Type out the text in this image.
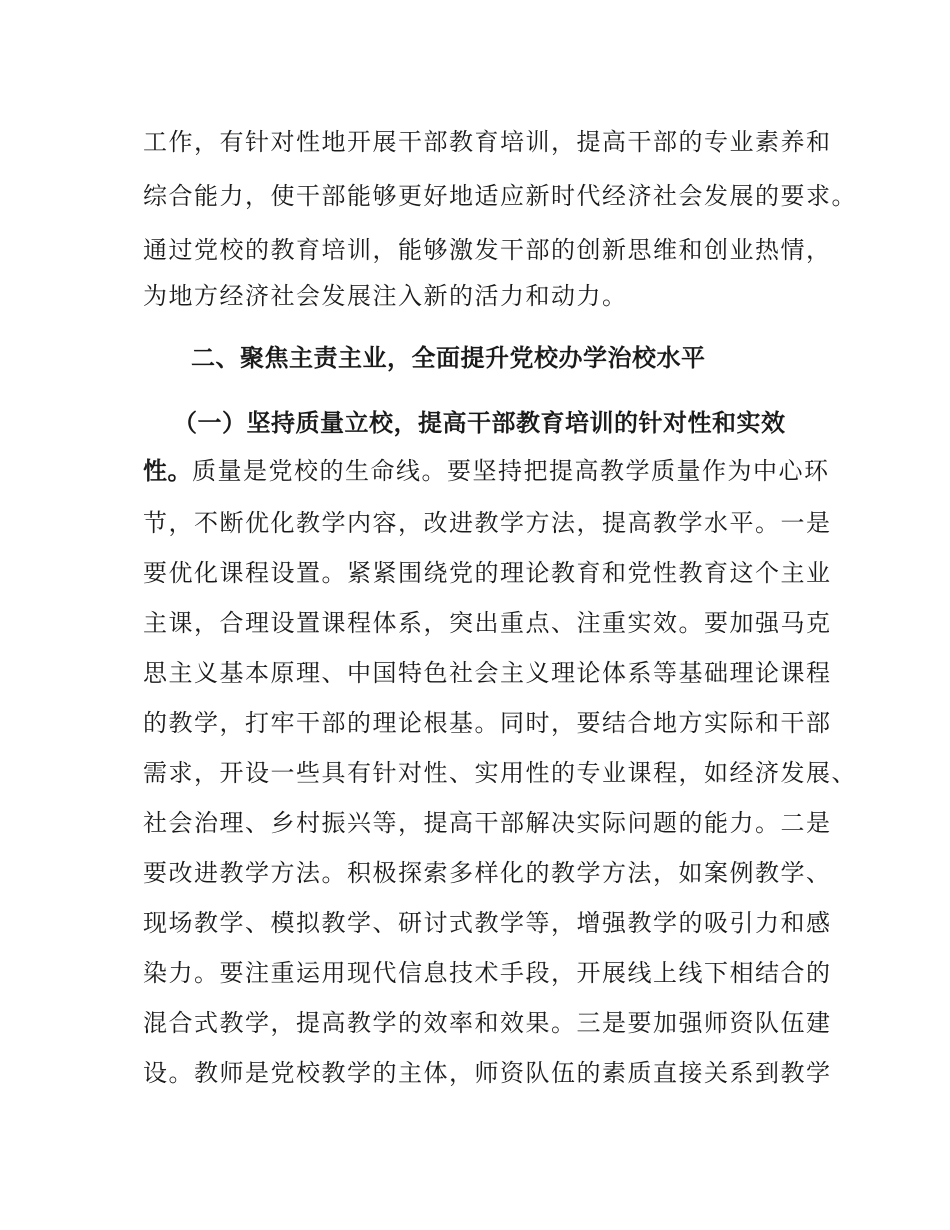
工作，有针对性地开展干部教育培训，提高干部的专业素养和
综合能力，使干部能够更好地适应新时代经济社会发展的要求。
通过党校的教育培训，能够激发干部的创新思维和创业热情，
为地方经济社会发展注入新的活力和动力。
二、聚焦主责主业，全面提升党校办学治校水平
（一）坚持质量立校，提高干部教育培训的针对性和实效
性。质量是党校的生命线。要坚持把提高教学质量作为中心环
节，不断优化教学内容，改进教学方法，提高教学水平。一是
要优化课程设置。紧紧围绕党的理论教育和党性教育这个主业
主课，合理设置课程体系，突出重点、注重实效。要加强马克
思主义基本原理、中国特色社会主义理论体系等基础理论课程
的教学，打牢干部的理论根基。同时，要结合地方实际和干部
需求，开设一些具有针对性、实用性的专业课程，如经济发展、
社会治理、乡村振兴等，提高干部解决实际问题的能力。二是
要改进教学方法。积极探索多样化的教学方法，如案例教学、
现场教学、模拟教学、研讨式教学等，增强教学的吸引力和感
染力。要注重运用现代信息技术手段，开展线上线下相结合的
混合式教学，提高教学的效率和效果。三是要加强师资队伍建
设。教师是党校教学的主体，师资队伍的素质直接关系到教学
